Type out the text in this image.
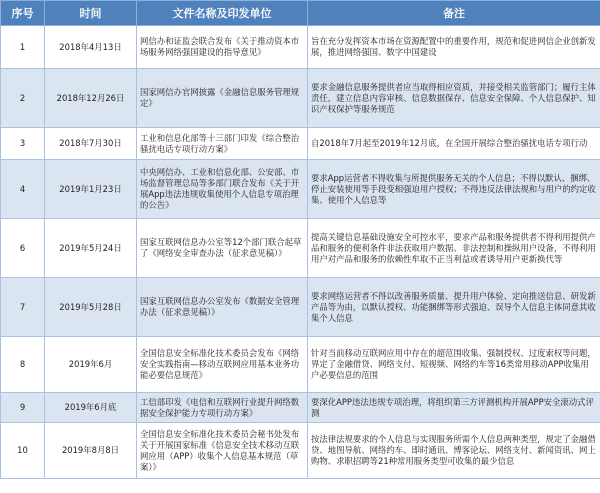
序号	时间	文件名称及印发单位	备注
1	2018年4月13日	网信办和证监会联合发布《关于推动资本市场服务网络强国建设的指导意见》	旨在充分发挥资本市场在资源配置中的重要作用，规范和促进网信企业创新发展，推进网络强国、数字中国建设
2	2018年12月26日	国家网信办官网披露《金融信息服务管理规定》	要求金融信息服务提供者应当取得相应资质，并接受相关监管部门；履行主体责任，建立信息内容审核、信息数据保存、信息安全保障、个人信息保护、知识产权保护等服务规范
3	2018年7月30日	工业和信息化部等十三部门印发《综合整治骚扰电话专项行动方案》	自2018年7月起至2019年12月底，在全国开展综合整治骚扰电话专项行动
4	2019年1月23日	中央网信办、工业和信息化部、公安部、市场监督管理总局等多部门联合发布《关于开展App违法违规收集使用个人信息专项治理的公告》	要求App运营者不得收集与所提供服务无关的个人信息；不得以默认、捆绑、停止安装使用等手段变相强迫用户授权；不得违反法律法规和与用户的约定收集、使用个人信息等
6	2019年5月24日	国家互联网信息办公室等12个部门联合起草了《网络安全审查办法（征求意见稿）》	提高关键信息基础设施安全可控水平，要求产品和服务提供者不得利用提供产品和服务的便利条件非法获取用户数据、非法控制和操纵用户设备，不得利用用户对产品和服务的依赖性牟取不正当利益或者诱导用户更新换代等
7	2019年5月28日	国家互联网信息办公室发布《数据安全管理办法（征求意见稿）》	要求网络运营者不得以改善服务质量、提升用户体验、定向推送信息、研发新产品等为由，以默认授权、功能捆绑等形式强迫、误导个人信息主体同意其收集个人信息
8	2019年6月	全国信息安全标准化技术委员会发布《网络安全实践指南—移动互联网应用基本业务功能必要信息规范》	针对当前移动互联网应用中存在的超范围收集、强制授权、过度索权等问题，界定了金融借贷、网络支付、短视频、网络约车等16类常用移动APP收集用户必要信息的范围
9	2019年6月底	工信部印发《电信和互联网行业提升网络数据安全保护能力专项行动方案》	要深化APP违法违规专项治理，将组织第三方评测机构开展APP安全滚动式评测
10	2019年8月8日	全国信息安全标准化技术委员会秘书处发布关于开展国家标准《信息安全技术移动互联网应用（APP）收集个人信息基本规范（草案）》	按法律法规要求的个人信息与实现服务所需个人信息两种类型，规定了金融借贷、地图导航、网络约车、即时通讯、博客论坛、网络支付、新闻资讯、网上购物、求职招聘等21种常用服务类型可收集的最少信息
